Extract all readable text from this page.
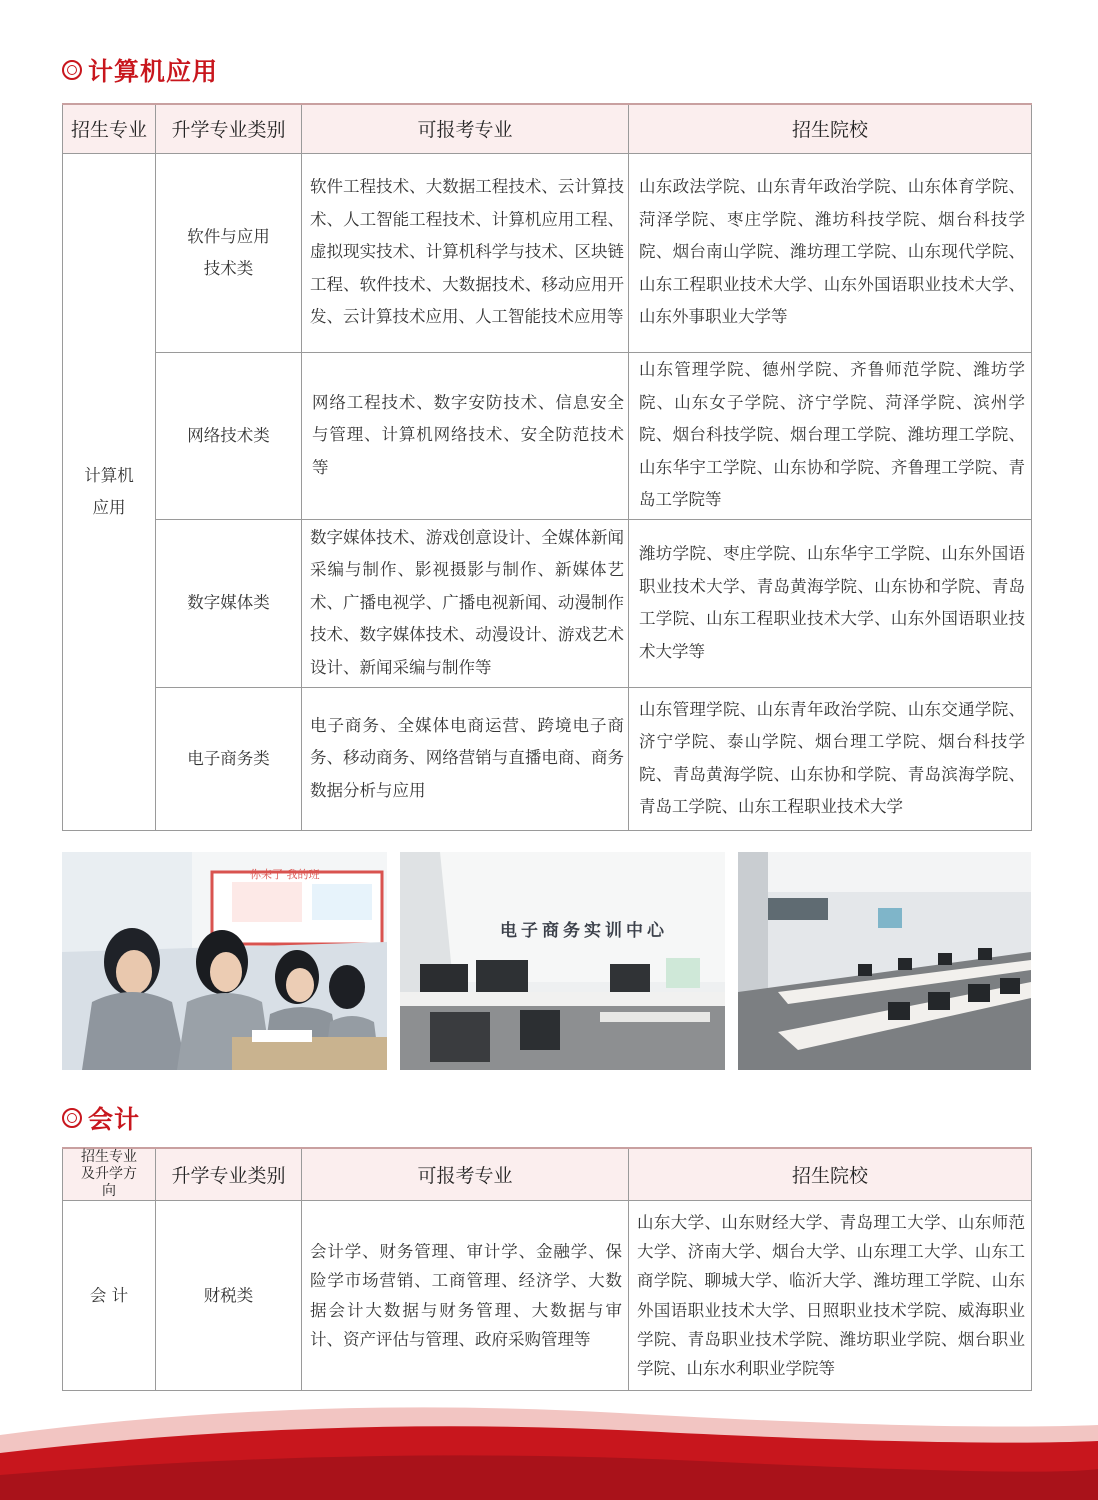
计算机应用
招生专业	升学专业类别	可报考专业	招生院校
计算机应用	软件与应用技术类	软件工程技术、大数据工程技术、云计算技术、人工智能工程技术、计算机应用工程、虚拟现实技术、计算机科学与技术、区块链工程、软件技术、大数据技术、移动应用开发、云计算技术应用、人工智能技术应用等	山东政法学院、山东青年政治学院、山东体育学院、菏泽学院、枣庄学院、潍坊科技学院、烟台科技学院、烟台南山学院、潍坊理工学院、山东现代学院、山东工程职业技术大学、山东外国语职业技术大学、山东外事职业大学等
	网络技术类	网络工程技术、数字安防技术、信息安全与管理、计算机网络技术、安全防范技术等	山东管理学院、德州学院、齐鲁师范学院、潍坊学院、山东女子学院、济宁学院、菏泽学院、滨州学院、烟台科技学院、烟台理工学院、潍坊理工学院、山东华宇工学院、山东协和学院、齐鲁理工学院、青岛工学院等
	数字媒体类	数字媒体技术、游戏创意设计、全媒体新闻采编与制作、影视摄影与制作、新媒体艺术、广播电视学、广播电视新闻、动漫制作技术、数字媒体技术、动漫设计、游戏艺术设计、新闻采编与制作等	潍坊学院、枣庄学院、山东华宇工学院、山东外国语职业技术大学、青岛黄海学院、山东协和学院、青岛工学院、山东工程职业技术大学、山东外国语职业技术大学等
	电子商务类	电子商务、全媒体电商运营、跨境电子商务、移动商务、网络营销与直播电商、商务数据分析与应用	山东管理学院、山东青年政治学院、山东交通学院、济宁学院、泰山学院、烟台理工学院、烟台科技学院、青岛黄海学院、山东协和学院、青岛滨海学院、青岛工学院、山东工程职业技术大学
你来了 我的班
电子商务实训中心
会计
招生专业及升学方向	升学专业类别	可报考专业	招生院校
会 计	财税类	会计学、财务管理、审计学、金融学、保险学市场营销、工商管理、经济学、大数据会计大数据与财务管理、大数据与审计、资产评估与管理、政府采购管理等	山东大学、山东财经大学、青岛理工大学、山东师范大学、济南大学、烟台大学、山东理工大学、山东工商学院、聊城大学、临沂大学、潍坊理工学院、山东外国语职业技术大学、日照职业技术学院、威海职业学院、青岛职业技术学院、潍坊职业学院、烟台职业学院、山东水利职业学院等
